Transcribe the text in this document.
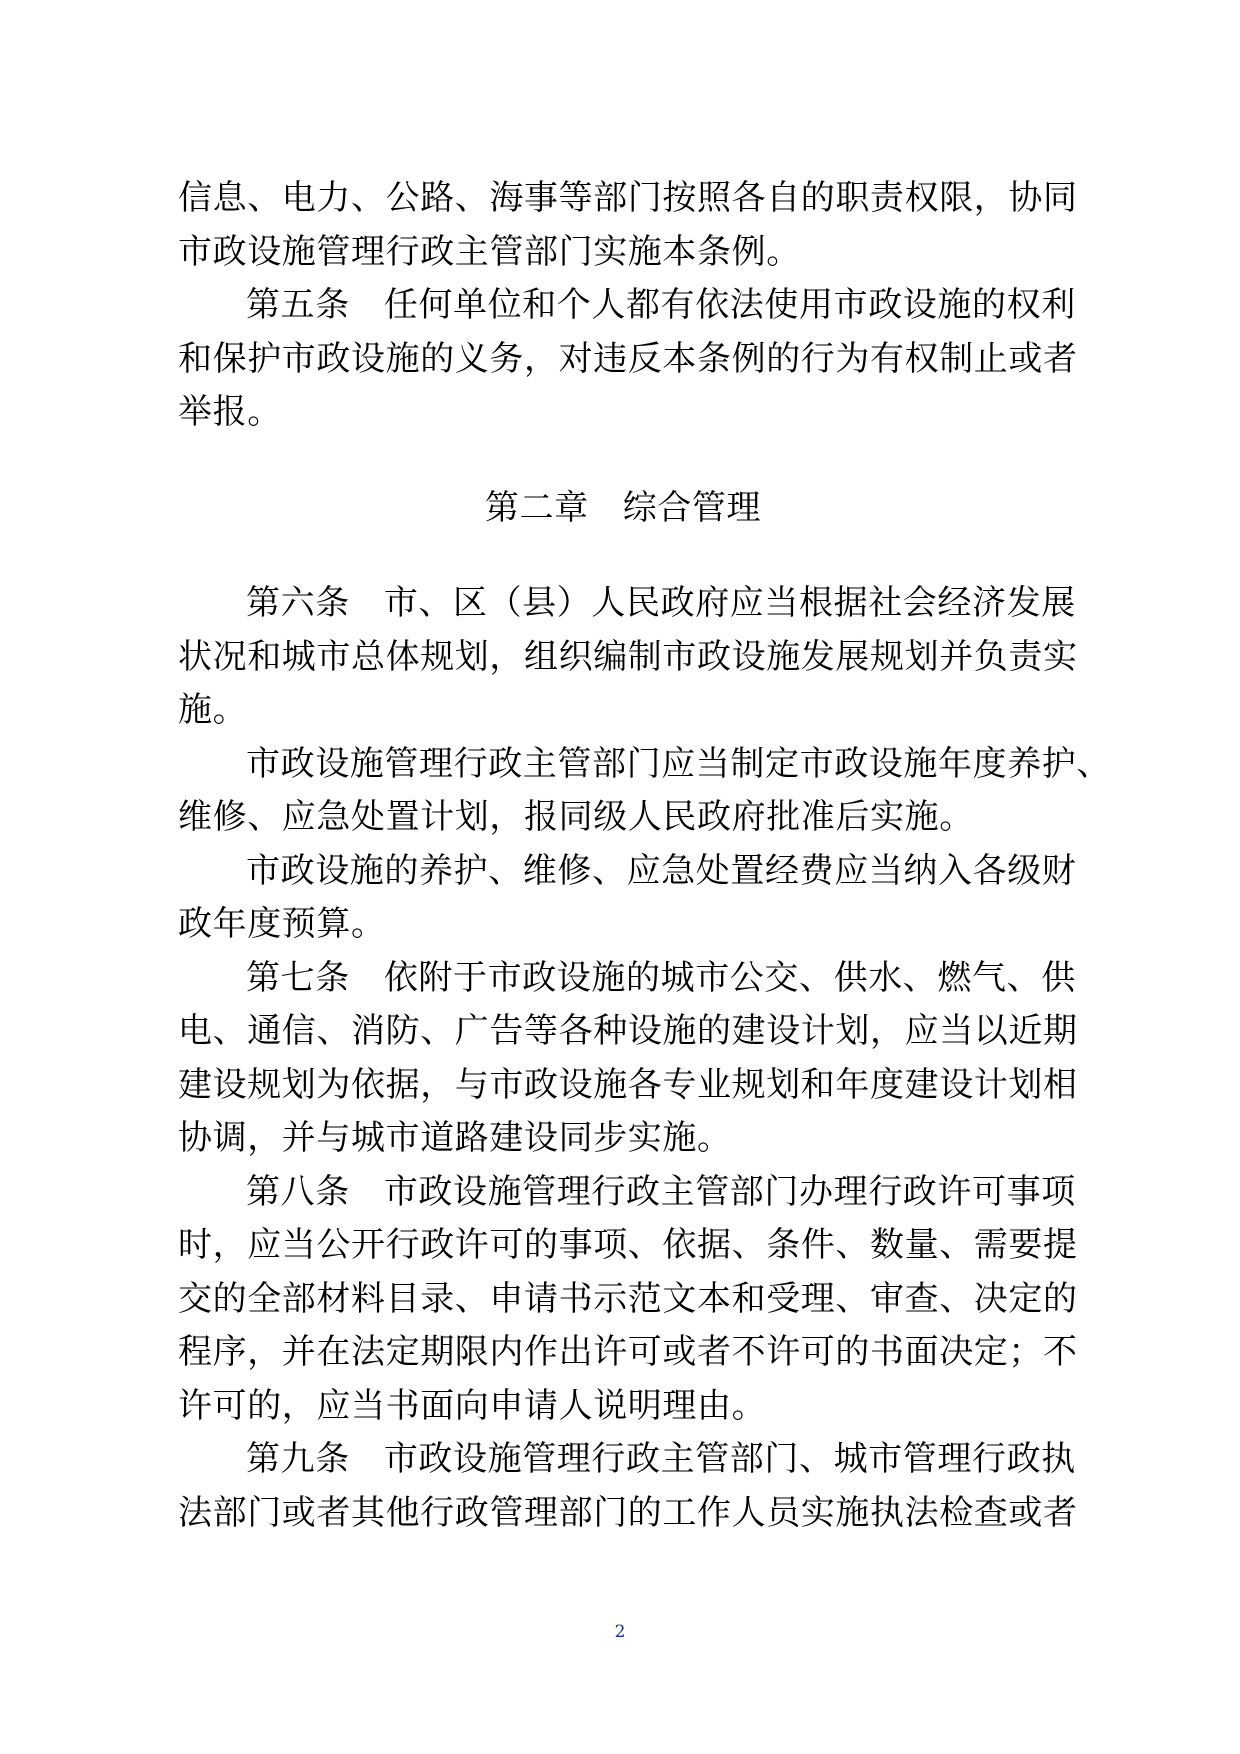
信息、电力、公路、海事等部门按照各自的职责权限，协同
市政设施管理行政主管部门实施本条例。
第五条 任何单位和个人都有依法使用市政设施的权利
和保护市政设施的义务，对违反本条例的行为有权制止或者
举报。
第二章 综合管理
第六条 市、区（县）人民政府应当根据社会经济发展
状况和城市总体规划，组织编制市政设施发展规划并负责实
施。
市政设施管理行政主管部门应当制定市政设施年度养护、
维修、应急处置计划，报同级人民政府批准后实施。
市政设施的养护、维修、应急处置经费应当纳入各级财
政年度预算。
第七条 依附于市政设施的城市公交、供水、燃气、供
电、通信、消防、广告等各种设施的建设计划，应当以近期
建设规划为依据，与市政设施各专业规划和年度建设计划相
协调，并与城市道路建设同步实施。
第八条 市政设施管理行政主管部门办理行政许可事项
时，应当公开行政许可的事项、依据、条件、数量、需要提
交的全部材料目录、申请书示范文本和受理、审查、决定的
程序，并在法定期限内作出许可或者不许可的书面决定；不
许可的，应当书面向申请人说明理由。
第九条 市政设施管理行政主管部门、城市管理行政执
法部门或者其他行政管理部门的工作人员实施执法检查或者
2
